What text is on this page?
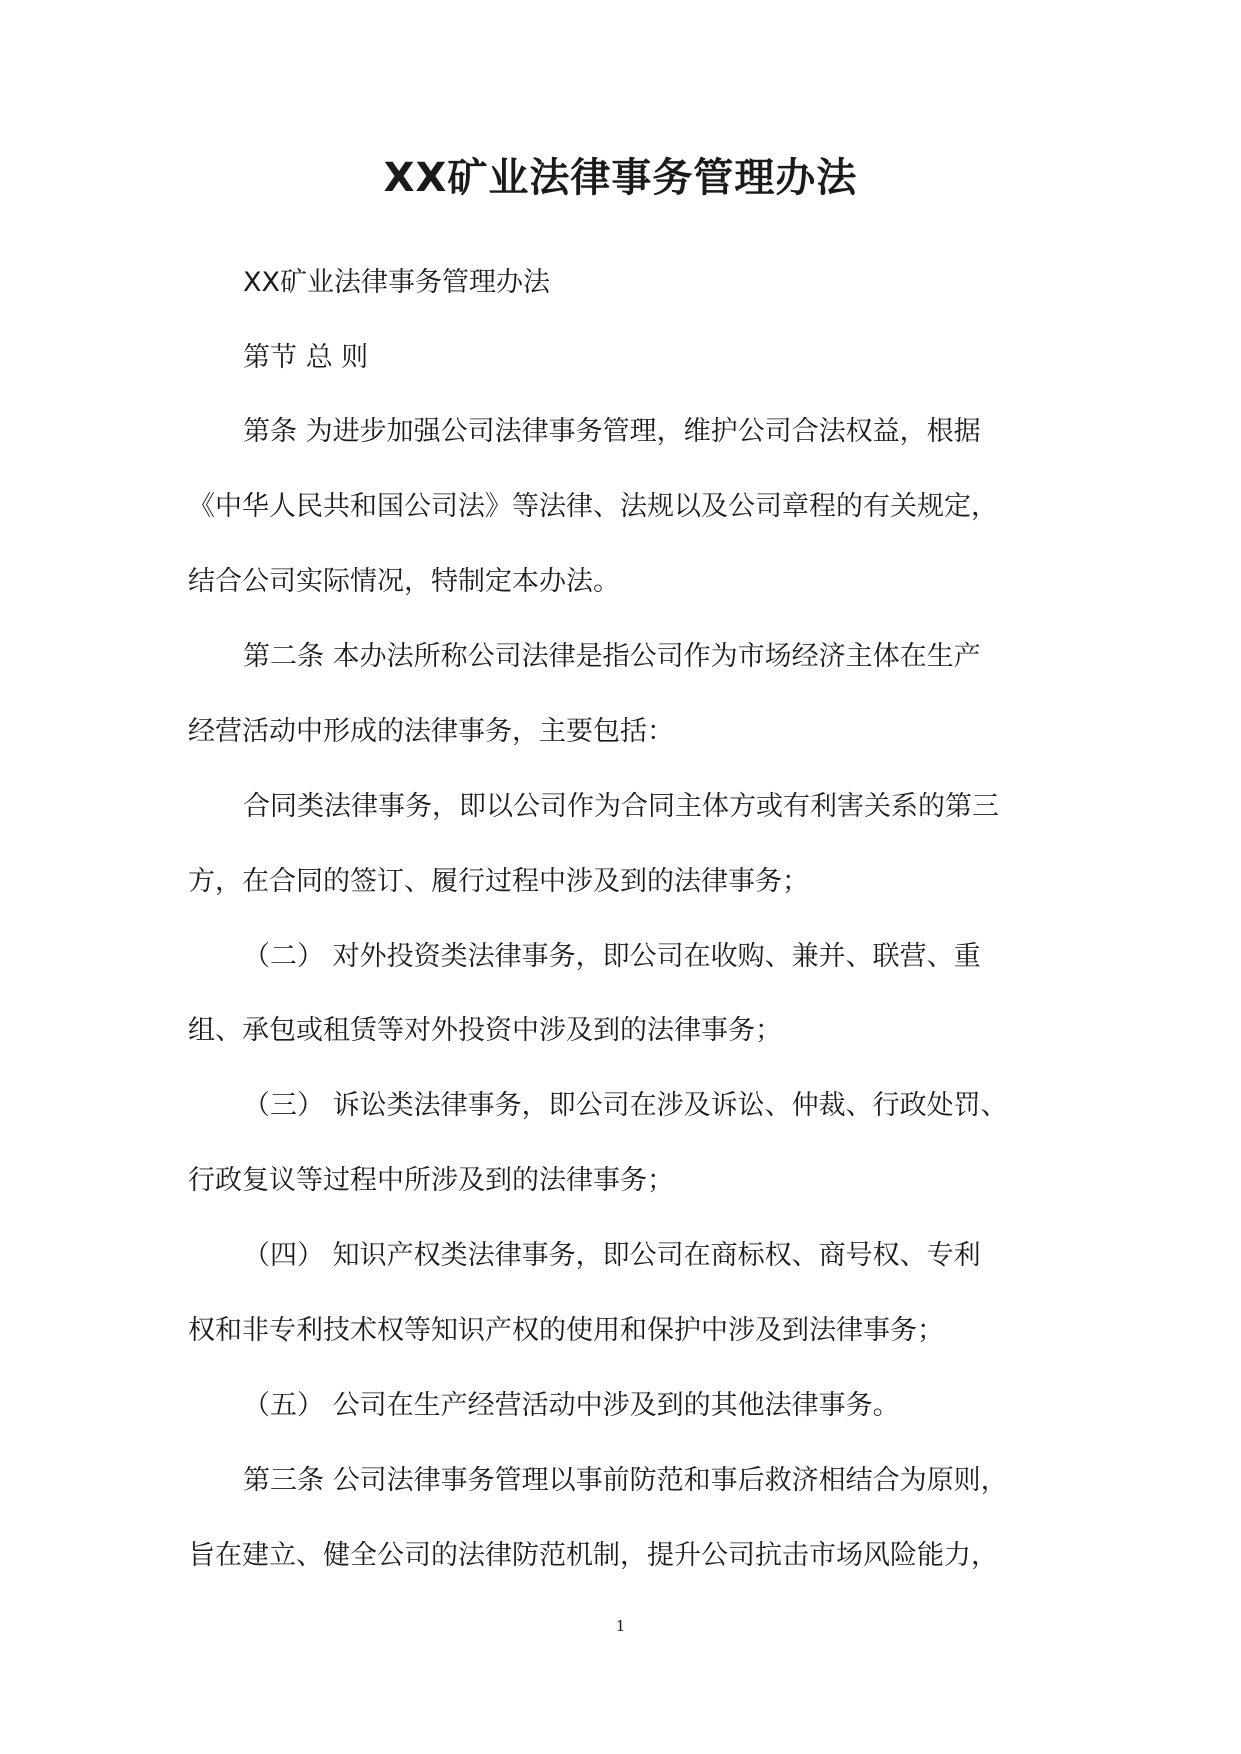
XX矿业法律事务管理办法

XX矿业法律事务管理办法

第节 总 则

第条 为进步加强公司法律事务管理，维护公司合法权益，根据

《中华人民共和国公司法》等法律、法规以及公司章程的有关规定，

结合公司实际情况，特制定本办法。

第二条 本办法所称公司法律是指公司作为市场经济主体在生产

经营活动中形成的法律事务，主要包括：

合同类法律事务，即以公司作为合同主体方或有利害关系的第三

方，在合同的签订、履行过程中涉及到的法律事务；

（二） 对外投资类法律事务，即公司在收购、兼并、联营、重

组、承包或租赁等对外投资中涉及到的法律事务；

（三） 诉讼类法律事务，即公司在涉及诉讼、仲裁、行政处罚、

行政复议等过程中所涉及到的法律事务；

（四） 知识产权类法律事务，即公司在商标权、商号权、专利

权和非专利技术权等知识产权的使用和保护中涉及到法律事务；

（五） 公司在生产经营活动中涉及到的其他法律事务。

第三条 公司法律事务管理以事前防范和事后救济相结合为原则，

旨在建立、健全公司的法律防范机制，提升公司抗击市场风险能力，

1
